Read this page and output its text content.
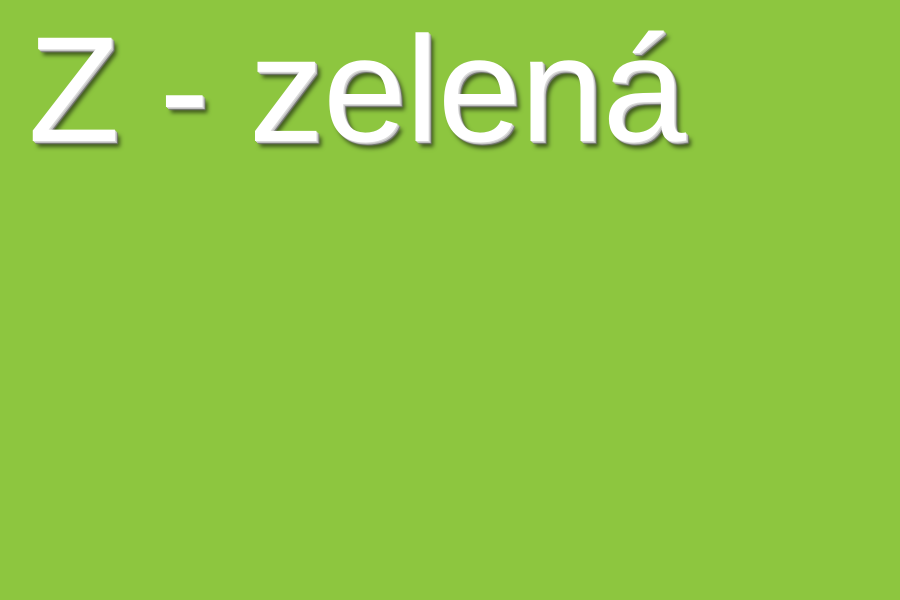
Z - zelená
